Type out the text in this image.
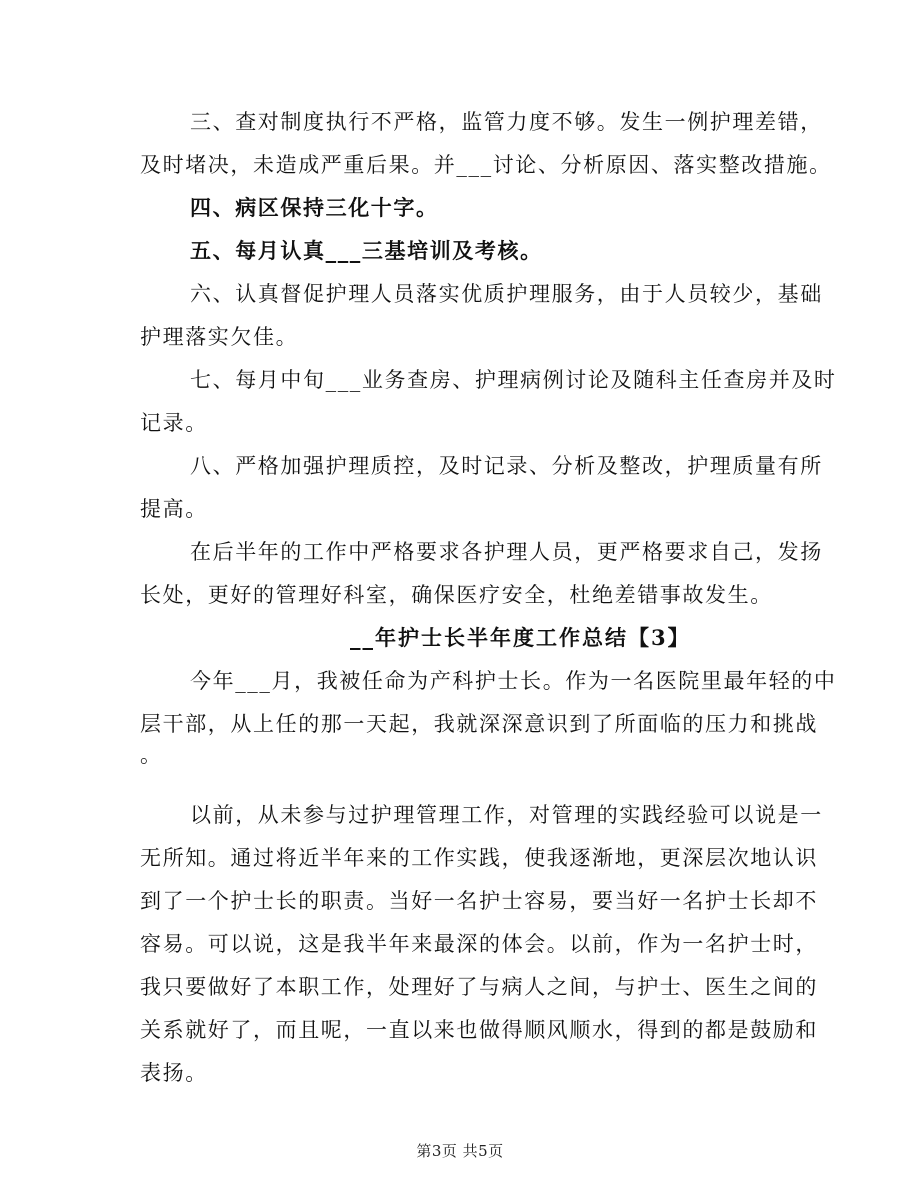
三、查对制度执行不严格，监管力度不够。发生一例护理差错，
及时堵决，未造成严重后果。并___讨论、分析原因、落实整改措施。
四、病区保持三化十字。
五、每月认真___三基培训及考核。
六、认真督促护理人员落实优质护理服务，由于人员较少，基础
护理落实欠佳。
七、每月中旬___业务查房、护理病例讨论及随科主任查房并及时
记录。
八、严格加强护理质控，及时记录、分析及整改，护理质量有所
提高。
在后半年的工作中严格要求各护理人员，更严格要求自己，发扬
长处，更好的管理好科室，确保医疗安全，杜绝差错事故发生。
__年护士长半年度工作总结【3】
今年___月，我被任命为产科护士长。作为一名医院里最年轻的中
层干部，从上任的那一天起，我就深深意识到了所面临的压力和挑战
。
以前，从未参与过护理管理工作，对管理的实践经验可以说是一
无所知。通过将近半年来的工作实践，使我逐渐地，更深层次地认识
到了一个护士长的职责。当好一名护士容易，要当好一名护士长却不
容易。可以说，这是我半年来最深的体会。以前，作为一名护士时，
我只要做好了本职工作，处理好了与病人之间，与护士、医生之间的
关系就好了，而且呢，一直以来也做得顺风顺水，得到的都是鼓励和
表扬。
第3页 共5页
